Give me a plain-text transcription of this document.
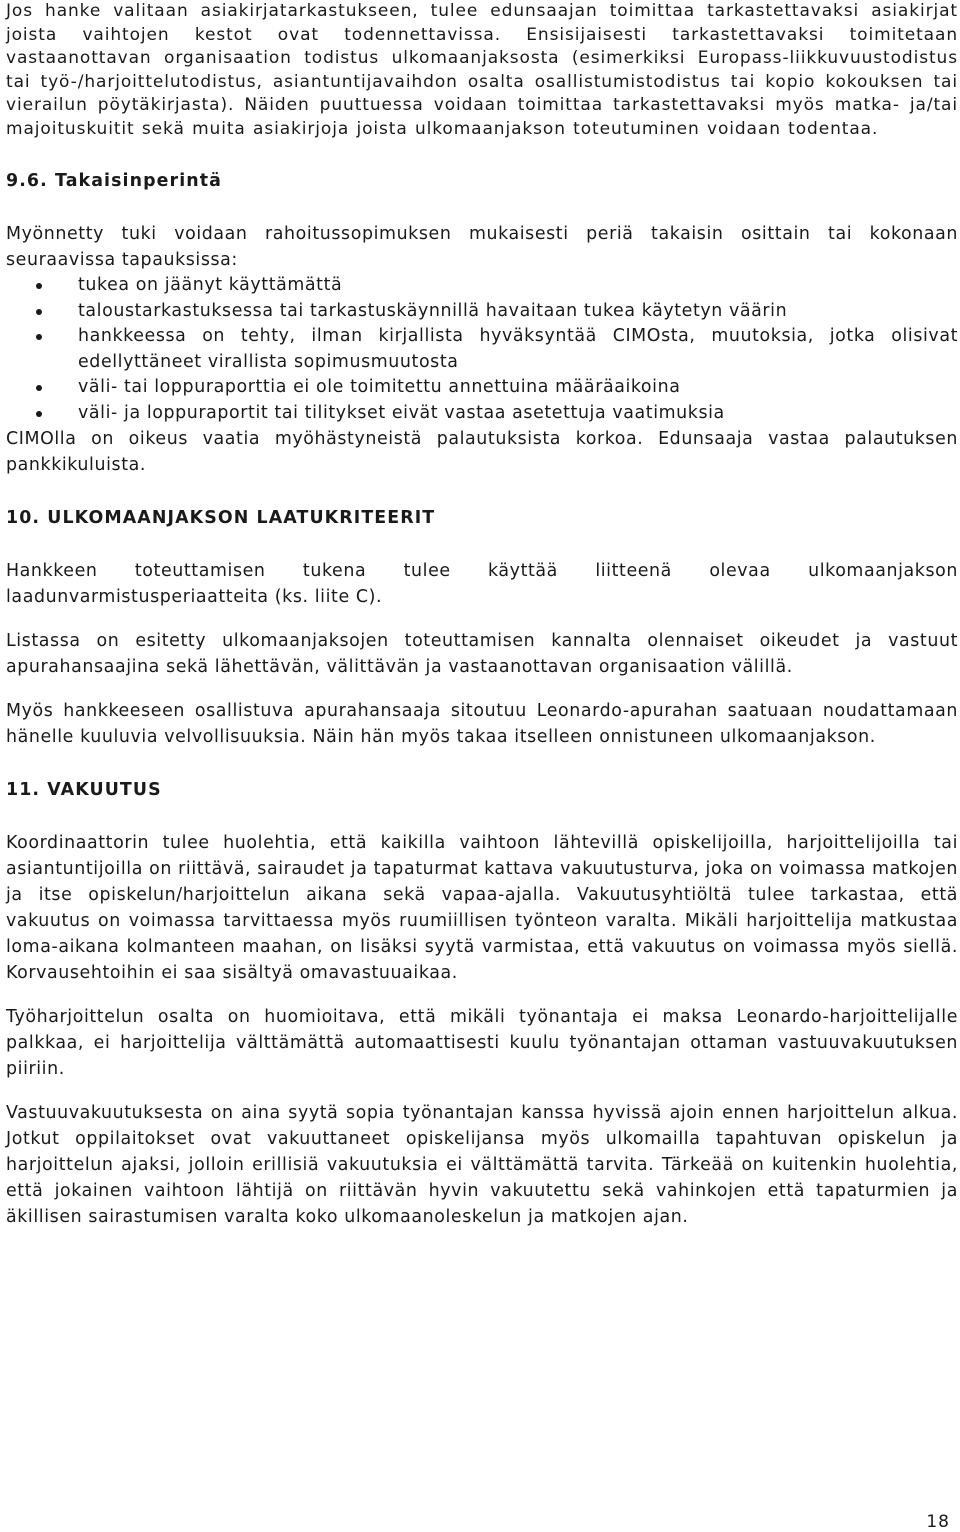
Jos hanke valitaan asiakirjatarkastukseen, tulee edunsaajan toimittaa tarkastettavaksi asiakirjat joista vaihtojen kestot ovat todennettavissa. Ensisijaisesti tarkastettavaksi toimitetaan vastaanottavan organisaation todistus ulkomaanjaksosta (esimerkiksi Europass-liikkuvuustodistus tai työ-/harjoittelutodistus, asiantuntijavaihdon osalta osallistumistodistus tai kopio kokouksen tai vierailun pöytäkirjasta). Näiden puuttuessa voidaan toimittaa tarkastettavaksi myös matka- ja/tai majoituskuitit sekä muita asiakirjoja joista ulkomaanjakson toteutuminen voidaan todentaa.

9.6. Takaisinperintä

Myönnetty tuki voidaan rahoitussopimuksen mukaisesti periä takaisin osittain tai kokonaan seuraavissa tapauksissa:

tukea on jäänyt käyttämättä
taloustarkastuksessa tai tarkastuskäynnillä havaitaan tukea käytetyn väärin
hankkeessa on tehty, ilman kirjallista hyväksyntää CIMOsta, muutoksia, jotka olisivat edellyttäneet virallista sopimusmuutosta
väli- tai loppuraporttia ei ole toimitettu annettuina määräaikoina
väli- ja loppuraportit tai tilitykset eivät vastaa asetettuja vaatimuksia

CIMOlla on oikeus vaatia myöhästyneistä palautuksista korkoa. Edunsaaja vastaa palautuksen pankkikuluista.

10. ULKOMAANJAKSON LAATUKRITEERIT

Hankkeen toteuttamisen tukena tulee käyttää liitteenä olevaa ulkomaanjakson laadunvarmistusperiaatteita (ks. liite C).

Listassa on esitetty ulkomaanjaksojen toteuttamisen kannalta olennaiset oikeudet ja vastuut apurahansaajina sekä lähettävän, välittävän ja vastaanottavan organisaation välillä.

Myös hankkeeseen osallistuva apurahansaaja sitoutuu Leonardo-apurahan saatuaan noudattamaan hänelle kuuluvia velvollisuuksia. Näin hän myös takaa itselleen onnistuneen ulkomaanjakson.

11. VAKUUTUS

Koordinaattorin tulee huolehtia, että kaikilla vaihtoon lähtevillä opiskelijoilla, harjoittelijoilla tai asiantuntijoilla on riittävä, sairaudet ja tapaturmat kattava vakuutusturva, joka on voimassa matkojen ja itse opiskelun/harjoittelun aikana sekä vapaa-ajalla. Vakuutusyhtiöltä tulee tarkastaa, että vakuutus on voimassa tarvittaessa myös ruumiillisen työnteon varalta. Mikäli harjoittelija matkustaa loma-aikana kolmanteen maahan, on lisäksi syytä varmistaa, että vakuutus on voimassa myös siellä. Korvausehtoihin ei saa sisältyä omavastuuaikaa.

Työharjoittelun osalta on huomioitava, että mikäli työnantaja ei maksa Leonardo-harjoittelijalle palkkaa, ei harjoittelija välttämättä automaattisesti kuulu työnantajan ottaman vastuuvakuutuksen piiriin.

Vastuuvakuutuksesta on aina syytä sopia työnantajan kanssa hyvissä ajoin ennen harjoittelun alkua. Jotkut oppilaitokset ovat vakuuttaneet opiskelijansa myös ulkomailla tapahtuvan opiskelun ja harjoittelun ajaksi, jolloin erillisiä vakuutuksia ei välttämättä tarvita. Tärkeää on kuitenkin huolehtia, että jokainen vaihtoon lähtijä on riittävän hyvin vakuutettu sekä vahinkojen että tapaturmien ja äkillisen sairastumisen varalta koko ulkomaanoleskelun ja matkojen ajan.

18
